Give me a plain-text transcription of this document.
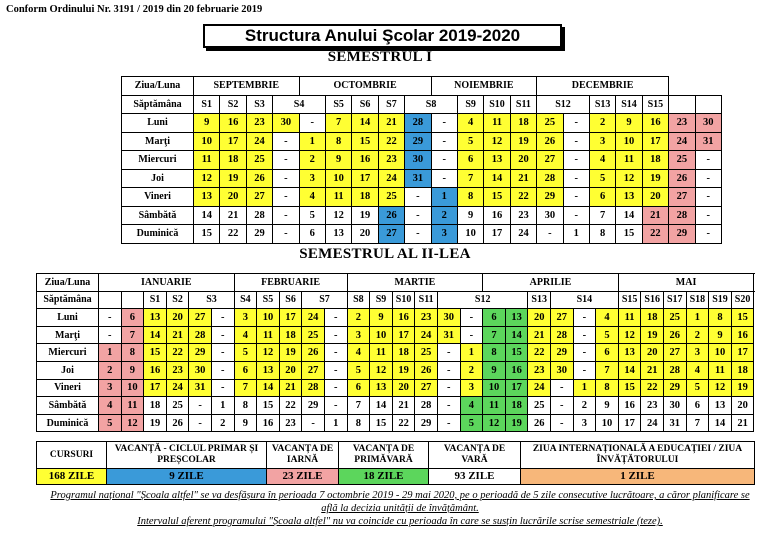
Conform Ordinului Nr. 3191 / 2019 din 20 februarie 2019
Structura Anului Şcolar 2019-2020
SEMESTRUL I
Ziua/Luna	SEPTEMBRIE				OCTOMBRIE					NOIEMBRIE				DECEMBRIE						
Săptămâna	S1	S2	S3	S4		S5	S6	S7	S8		S9	S10	S11	S12		S13	S14	S15		
Luni	9	16	23	30	-	7	14	21	28	-	4	11	18	25	-	2	9	16	23	30
Marţi	10	17	24	-	1	8	15	22	29	-	5	12	19	26	-	3	10	17	24	31
Miercuri	11	18	25	-	2	9	16	23	30	-	6	13	20	27	-	4	11	18	25	-
Joi	12	19	26	-	3	10	17	24	31	-	7	14	21	28	-	5	12	19	26	-
Vineri	13	20	27	-	4	11	18	25	-	1	8	15	22	29	-	6	13	20	27	-
Sâmbătă	14	21	28	-	5	12	19	26	-	2	9	16	23	30	-	7	14	21	28	-
Duminică	15	22	29	-	6	13	20	27	-	3	10	17	24	-	1	8	15	22	29	-
SEMESTRUL AL II-LEA
Ziua/Luna	IANUARIE						FEBRUARIE					MARTIE						APRILIE						MAI	
Săptămâna			S1	S2	S3		S4	S5	S6	S7		S8	S9	S10	S11	S12				S13	S14			S15	S16	S17	S18	S19	S20	
Luni	-	6	13	20	27	-	3	10	17	24	-	2	9	16	23	30	-	6	13	20	27	-	4	11	18	25	1	8	15	
Marţi	-	7	14	21	28	-	4	11	18	25	-	3	10	17	24	31	-	7	14	21	28	-	5	12	19	26	2	9	16	
Miercuri	1	8	15	22	29	-	5	12	19	26	-	4	11	18	25	-	1	8	15	22	29	-	6	13	20	27	3	10	17	
Joi	2	9	16	23	30	-	6	13	20	27	-	5	12	19	26	-	2	9	16	23	30	-	7	14	21	28	4	11	18	
Vineri	3	10	17	24	31	-	7	14	21	28	-	6	13	20	27	-	3	10	17	24	-	1	8	15	22	29	5	12	19	
Sâmbătă	4	11	18	25	-	1	8	15	22	29	-	7	14	21	28	-	4	11	18	25	-	2	9	16	23	30	6	13	20	
Duminică	5	12	19	26	-	2	9	16	23	-	1	8	15	22	29	-	5	12	19	26	-	3	10	17	24	31	7	14	21	
CURSURI	VACANȚĂ - CICLUL PRIMAR ȘI PREȘCOLAR	VACANȚA DE IARNĂ	VACANȚA DE PRIMĂVARĂ	VACANȚA DE VARĂ	ZIUA INTERNAȚIONALĂ A EDUCAȚIEI / ZIUA ÎNVĂȚĂTORULUI
168 ZILE	9 ZILE	23 ZILE	18 ZILE	93 ZILE	1 ZILE
Programul național "Școala altfel" se va desfășura în perioada 7 octombrie 2019 - 29 mai 2020, pe o perioadă de 5 zile consecutive lucrătoare, a căror planificare se află la decizia unității de învățământ.
Intervalul aferent programului "Școala altfel" nu va coincide cu perioada în care se susțin lucrările scrise semestriale (teze).
